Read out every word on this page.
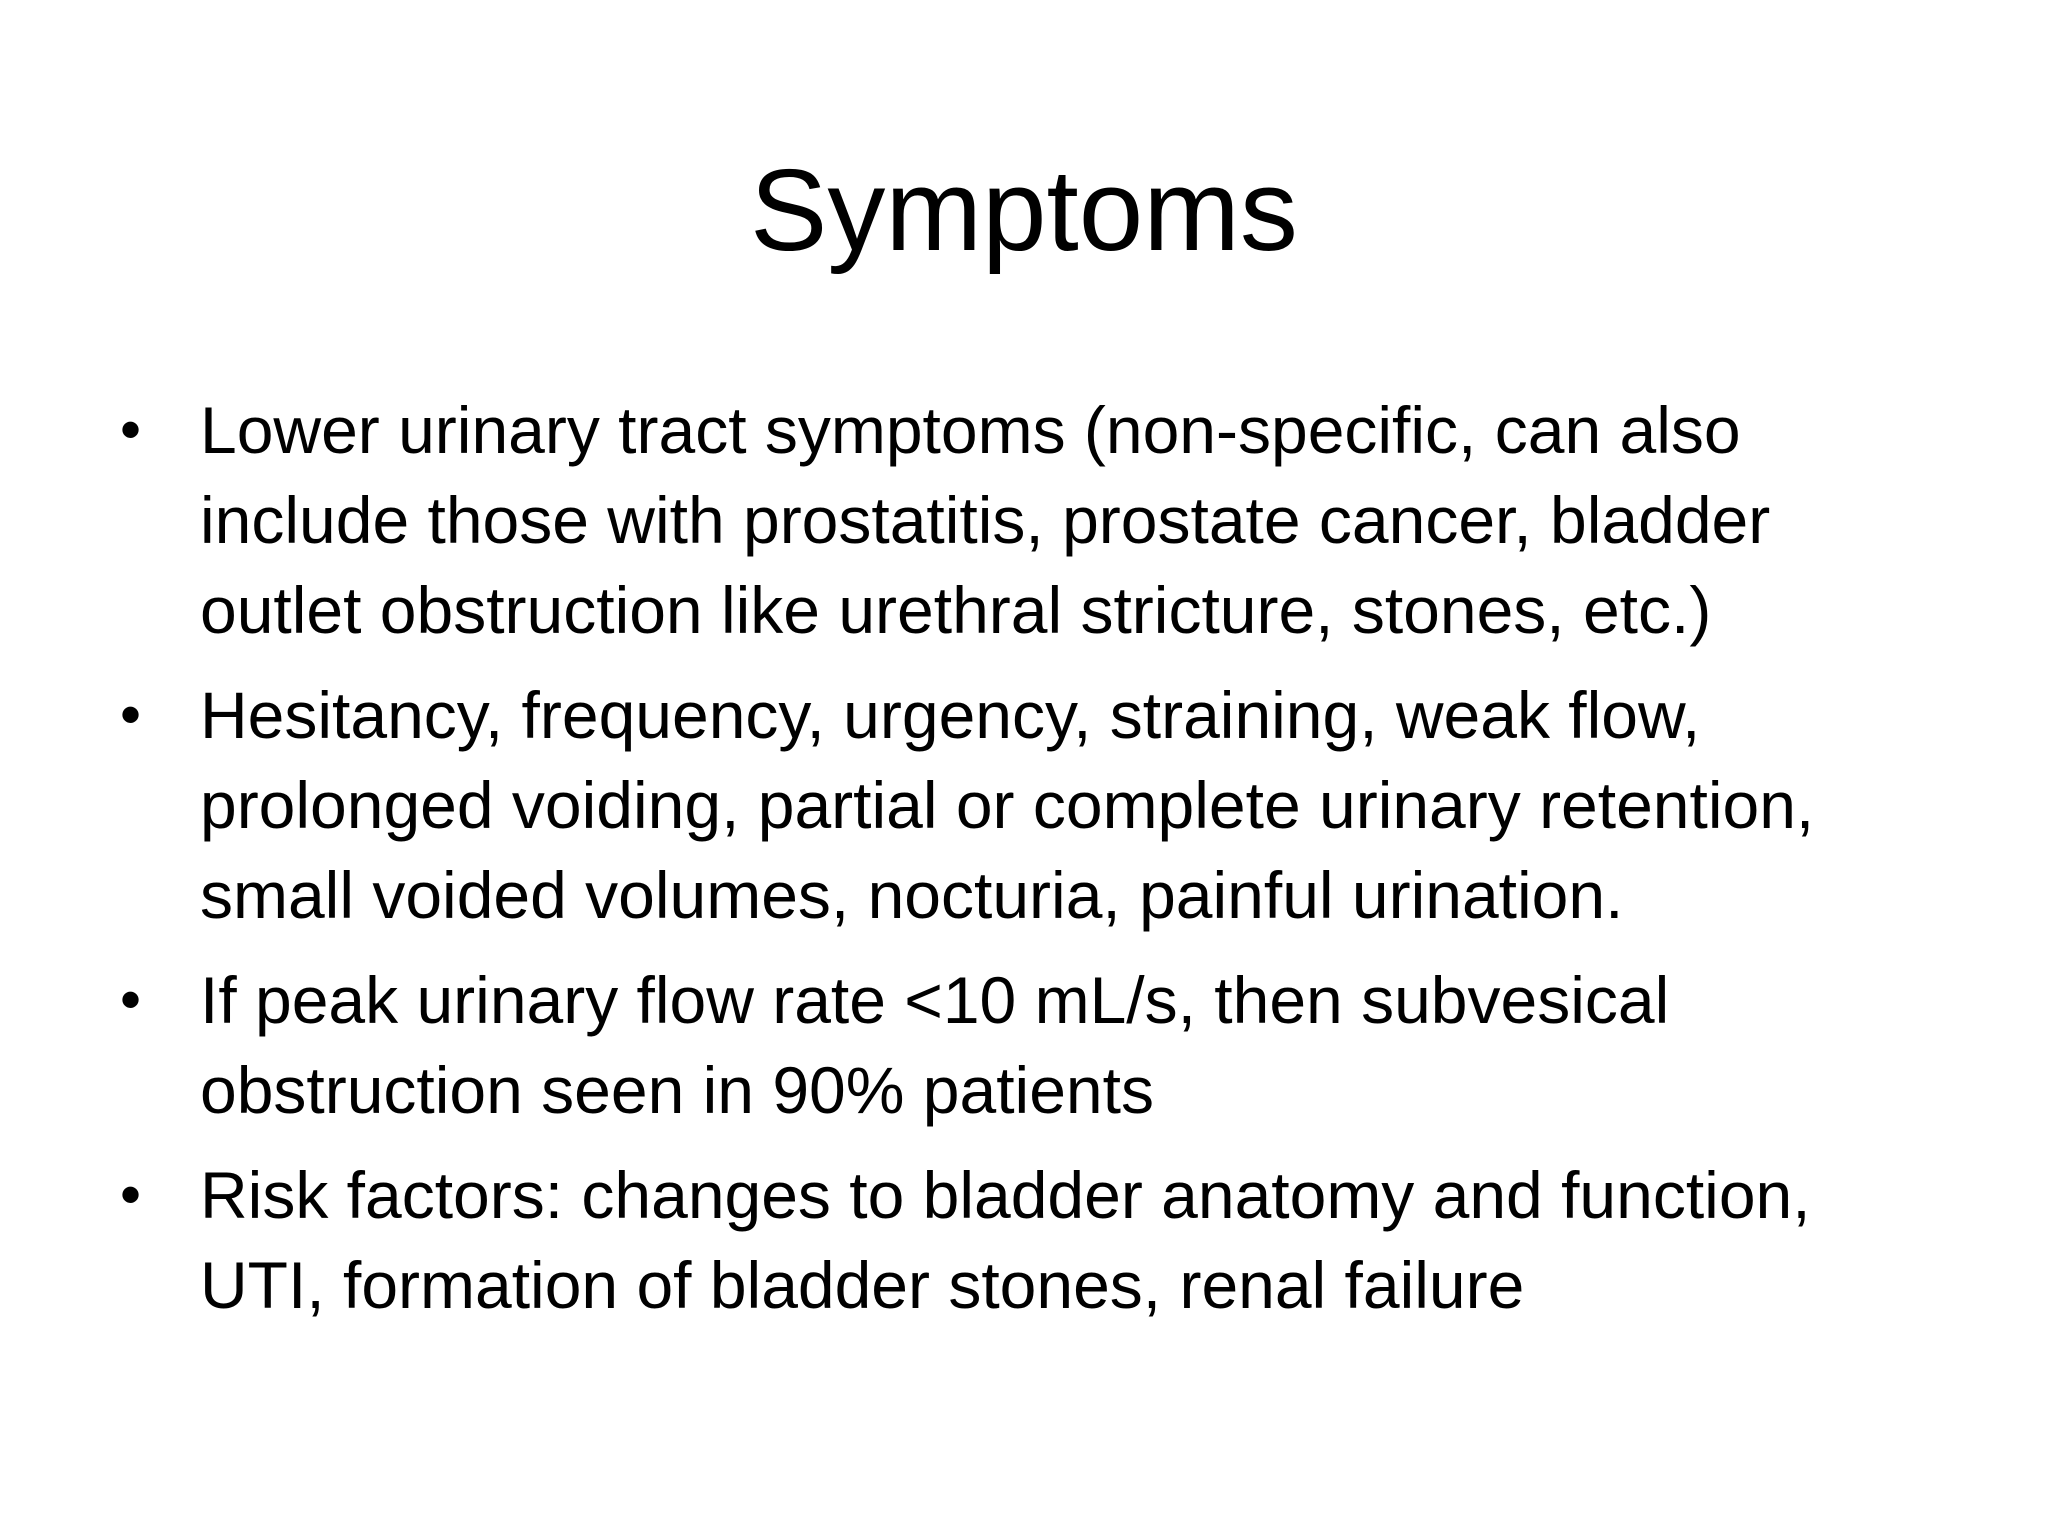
Symptoms
• Lower urinary tract symptoms (non-specific, can also include those with prostatitis, prostate cancer, bladder outlet obstruction like urethral stricture, stones, etc.)
• Hesitancy, frequency, urgency, straining, weak flow, prolonged voiding, partial or complete urinary retention, small voided volumes, nocturia, painful urination.
• If peak urinary flow rate <10 mL/s, then subvesical obstruction seen in 90% patients
• Risk factors: changes to bladder anatomy and function, UTI, formation of bladder stones, renal failure
